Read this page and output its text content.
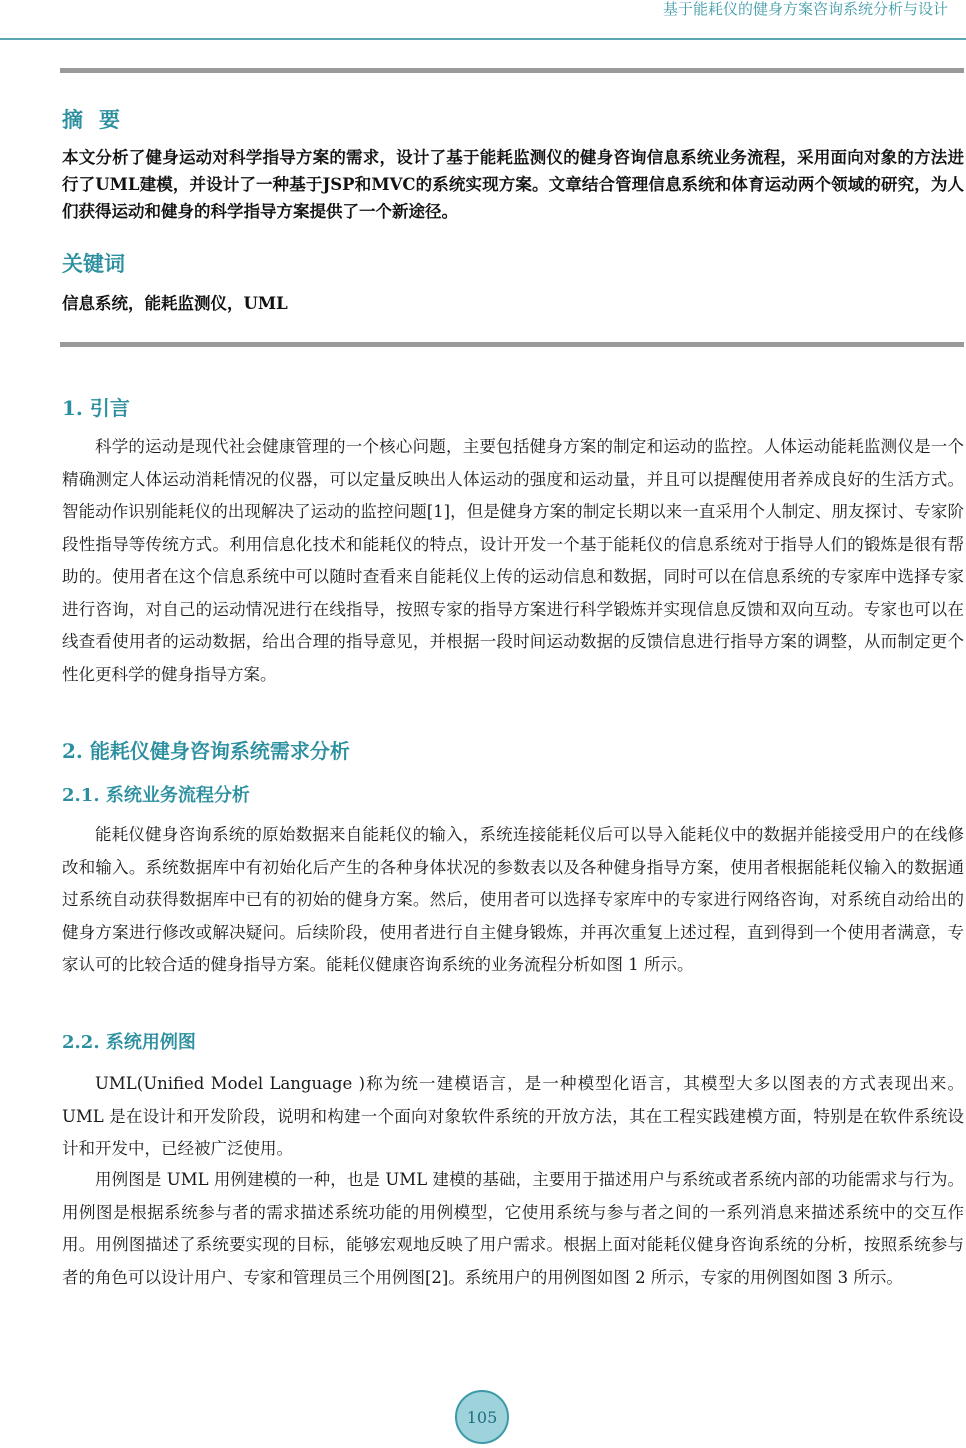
基于能耗仪的健身方案咨询系统分析与设计
摘要
本文分析了健身运动对科学指导方案的需求，设计了基于能耗监测仪的健身咨询信息系统业务流程，采用面向对象的方法进行了UML建模，并设计了一种基于JSP和MVC的系统实现方案。文章结合管理信息系统和体育运动两个领域的研究，为人们获得运动和健身的科学指导方案提供了一个新途径。
关键词
信息系统，能耗监测仪，UML
1. 引言
科学的运动是现代社会健康管理的一个核心问题，主要包括健身方案的制定和运动的监控。人体运动能耗监测仪是一个精确测定人体运动消耗情况的仪器，可以定量反映出人体运动的强度和运动量，并且可以提醒使用者养成良好的生活方式。智能动作识别能耗仪的出现解决了运动的监控问题[1]，但是健身方案的制定长期以来一直采用个人制定、朋友探讨、专家阶段性指导等传统方式。利用信息化技术和能耗仪的特点，设计开发一个基于能耗仪的信息系统对于指导人们的锻炼是很有帮助的。使用者在这个信息系统中可以随时查看来自能耗仪上传的运动信息和数据，同时可以在信息系统的专家库中选择专家进行咨询，对自己的运动情况进行在线指导，按照专家的指导方案进行科学锻炼并实现信息反馈和双向互动。专家也可以在线查看使用者的运动数据，给出合理的指导意见，并根据一段时间运动数据的反馈信息进行指导方案的调整，从而制定更个性化更科学的健身指导方案。
2. 能耗仪健身咨询系统需求分析
2.1. 系统业务流程分析
能耗仪健身咨询系统的原始数据来自能耗仪的输入，系统连接能耗仪后可以导入能耗仪中的数据并能接受用户的在线修改和输入。系统数据库中有初始化后产生的各种身体状况的参数表以及各种健身指导方案，使用者根据能耗仪输入的数据通过系统自动获得数据库中已有的初始的健身方案。然后，使用者可以选择专家库中的专家进行网络咨询，对系统自动给出的健身方案进行修改或解决疑问。后续阶段，使用者进行自主健身锻炼，并再次重复上述过程，直到得到一个使用者满意，专家认可的比较合适的健身指导方案。能耗仪健康咨询系统的业务流程分析如图 1 所示。
2.2. 系统用例图
UML(Unified Model Language )称为统一建模语言，是一种模型化语言，其模型大多以图表的方式表现出来。UML 是在设计和开发阶段，说明和构建一个面向对象软件系统的开放方法，其在工程实践建模方面，特别是在软件系统设计和开发中，已经被广泛使用。
用例图是 UML 用例建模的一种，也是 UML 建模的基础，主要用于描述用户与系统或者系统内部的功能需求与行为。用例图是根据系统参与者的需求描述系统功能的用例模型，它使用系统与参与者之间的一系列消息来描述系统中的交互作用。用例图描述了系统要实现的目标，能够宏观地反映了用户需求。根据上面对能耗仪健身咨询系统的分析，按照系统参与者的角色可以设计用户、专家和管理员三个用例图[2]。系统用户的用例图如图 2 所示，专家的用例图如图 3 所示。
105
